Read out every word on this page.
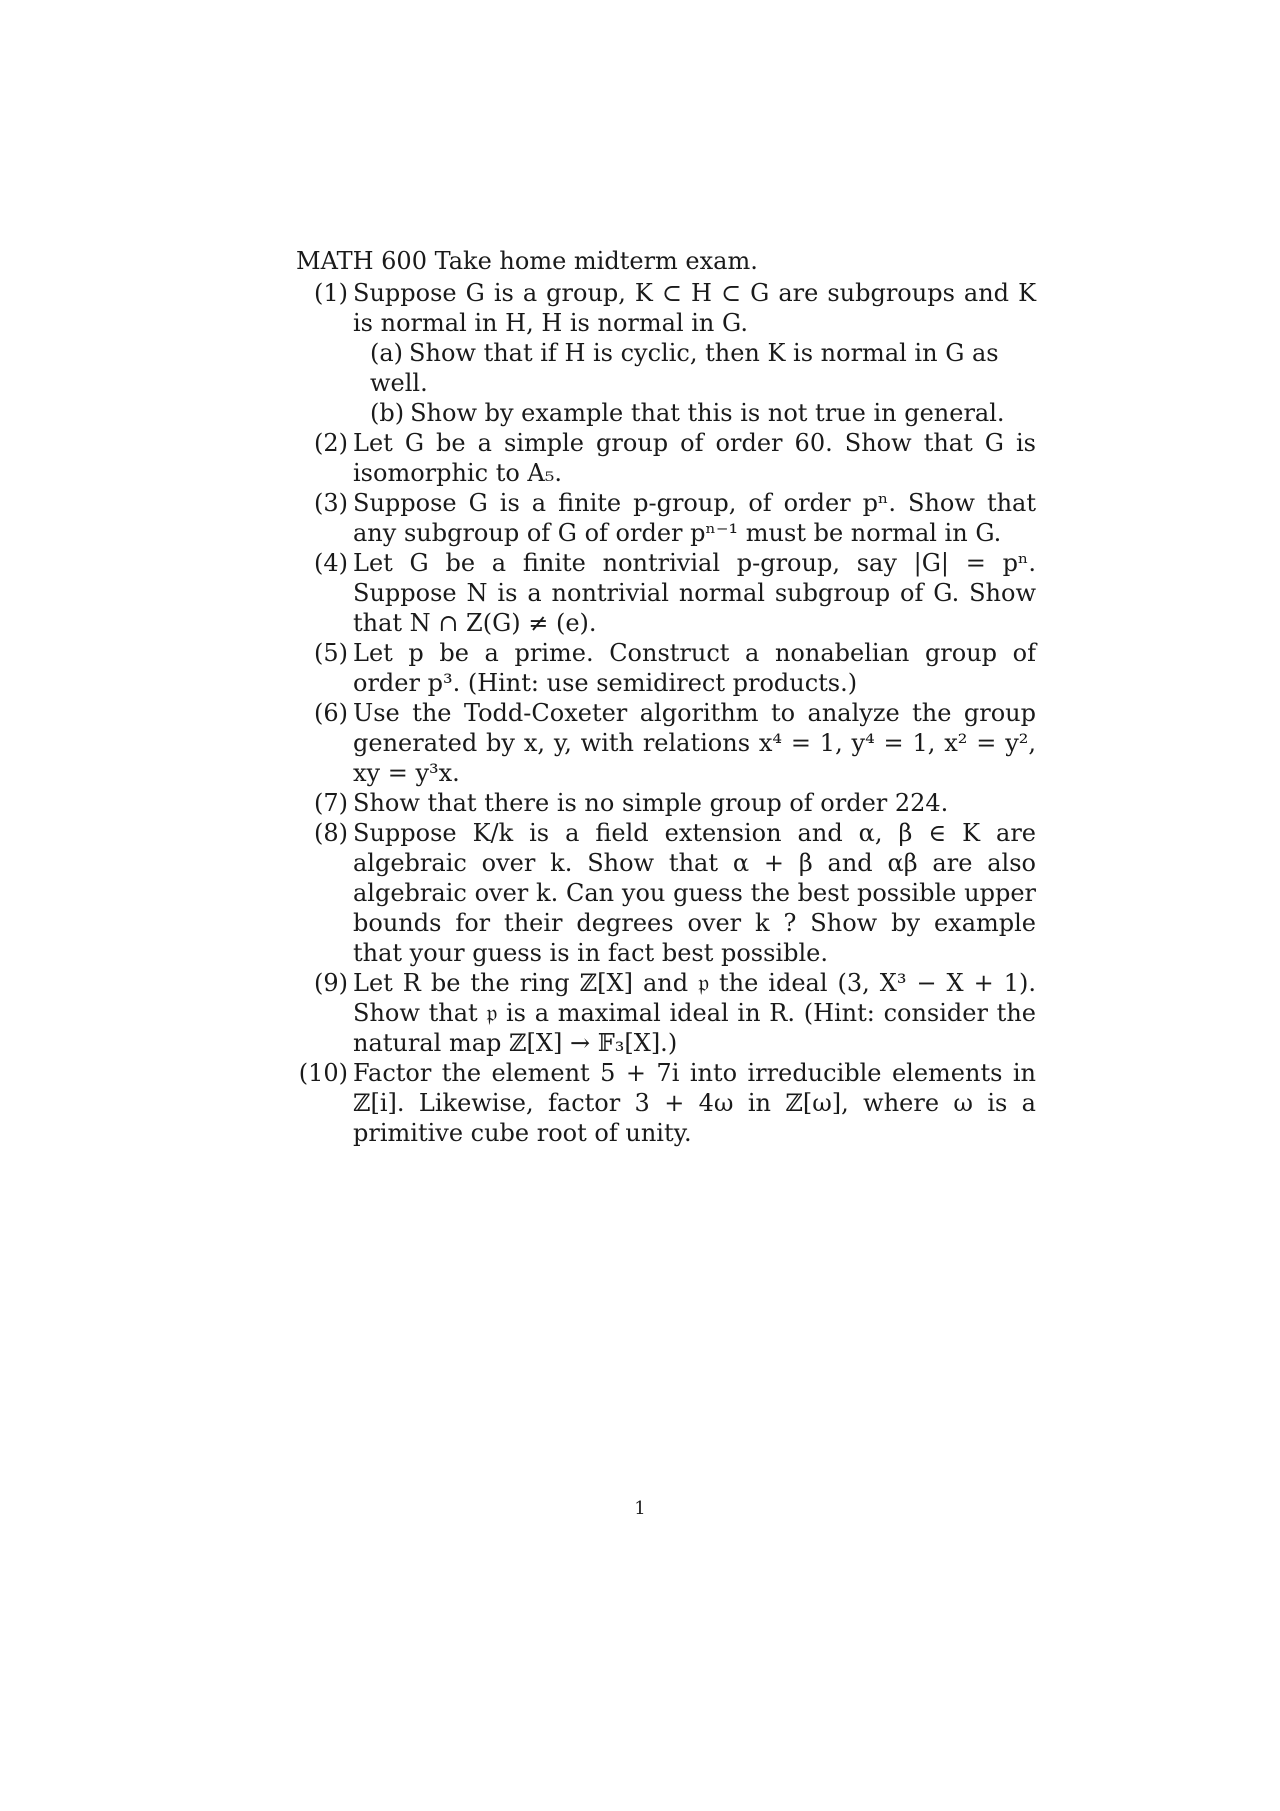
MATH 600 Take home midterm exam.
(1) Suppose G is a group, K ⊂ H ⊂ G are subgroups and K is normal in H, H is normal in G.
(a) Show that if H is cyclic, then K is normal in G as well.
(b) Show by example that this is not true in general.
(2) Let G be a simple group of order 60. Show that G is isomorphic to A₅.
(3) Suppose G is a finite p-group, of order pⁿ. Show that any subgroup of G of order pⁿ⁻¹ must be normal in G.
(4) Let G be a finite nontrivial p-group, say |G| = pⁿ. Suppose N is a nontrivial normal subgroup of G. Show that N ∩ Z(G) ≠ (e).
(5) Let p be a prime. Construct a nonabelian group of order p³. (Hint: use semidirect products.)
(6) Use the Todd-Coxeter algorithm to analyze the group generated by x, y, with relations x⁴ = 1, y⁴ = 1, x² = y², xy = y³x.
(7) Show that there is no simple group of order 224.
(8) Suppose K/k is a field extension and α, β ∈ K are algebraic over k. Show that α + β and αβ are also algebraic over k. Can you guess the best possible upper bounds for their degrees over k ? Show by example that your guess is in fact best possible.
(9) Let R be the ring ℤ[X] and 𝔭 the ideal (3, X³ − X + 1). Show that 𝔭 is a maximal ideal in R. (Hint: consider the natural map ℤ[X] → 𝔽₃[X].)
(10) Factor the element 5 + 7i into irreducible elements in ℤ[i]. Likewise, factor 3 + 4ω in ℤ[ω], where ω is a primitive cube root of unity.
1
